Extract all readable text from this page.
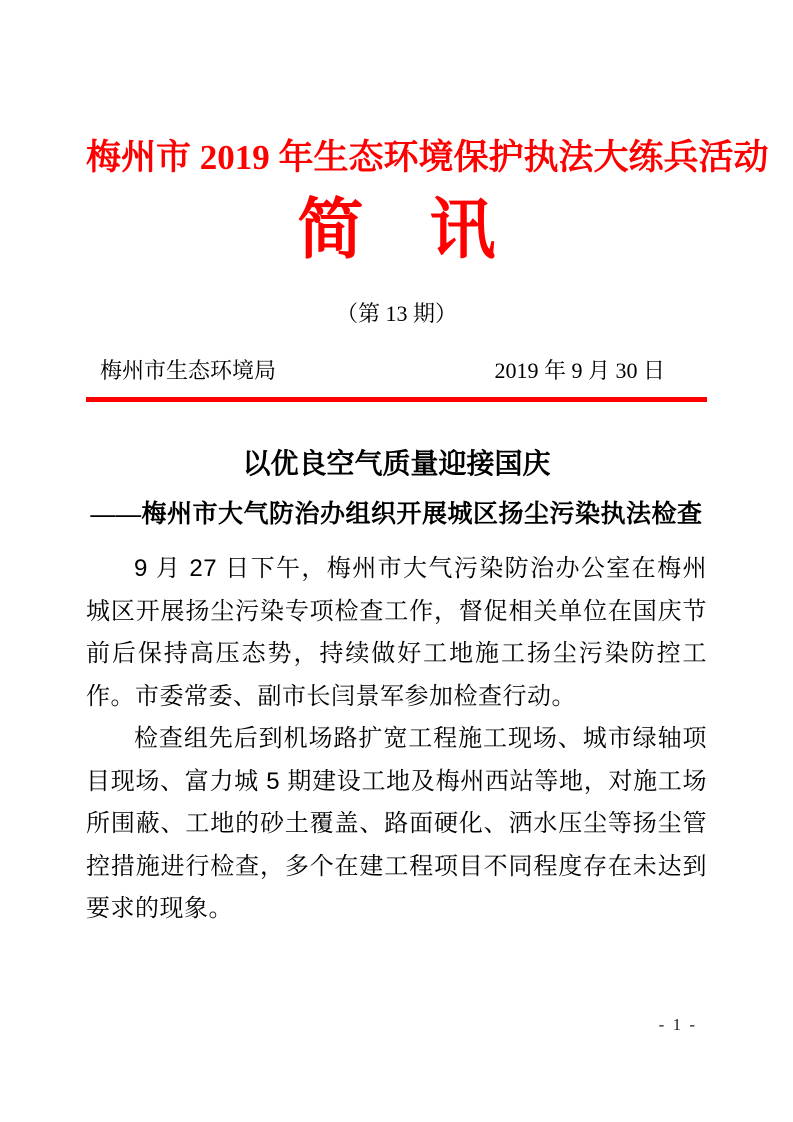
梅州市 2019 年生态环境保护执法大练兵活动
简　讯
（第 13 期）
梅州市生态环境局	2019 年 9 月 30 日
以优良空气质量迎接国庆
——梅州市大气防治办组织开展城区扬尘污染执法检查

9 月 27 日下午，梅州市大气污染防治办公室在梅州城区开展扬尘污染专项检查工作，督促相关单位在国庆节前后保持高压态势，持续做好工地施工扬尘污染防控工作。市委常委、副市长闫景军参加检查行动。

检查组先后到机场路扩宽工程施工现场、城市绿轴项目现场、富力城 5 期建设工地及梅州西站等地，对施工场所围蔽、工地的砂土覆盖、路面硬化、洒水压尘等扬尘管控措施进行检查，多个在建工程项目不同程度存在未达到要求的现象。

- 1 -
